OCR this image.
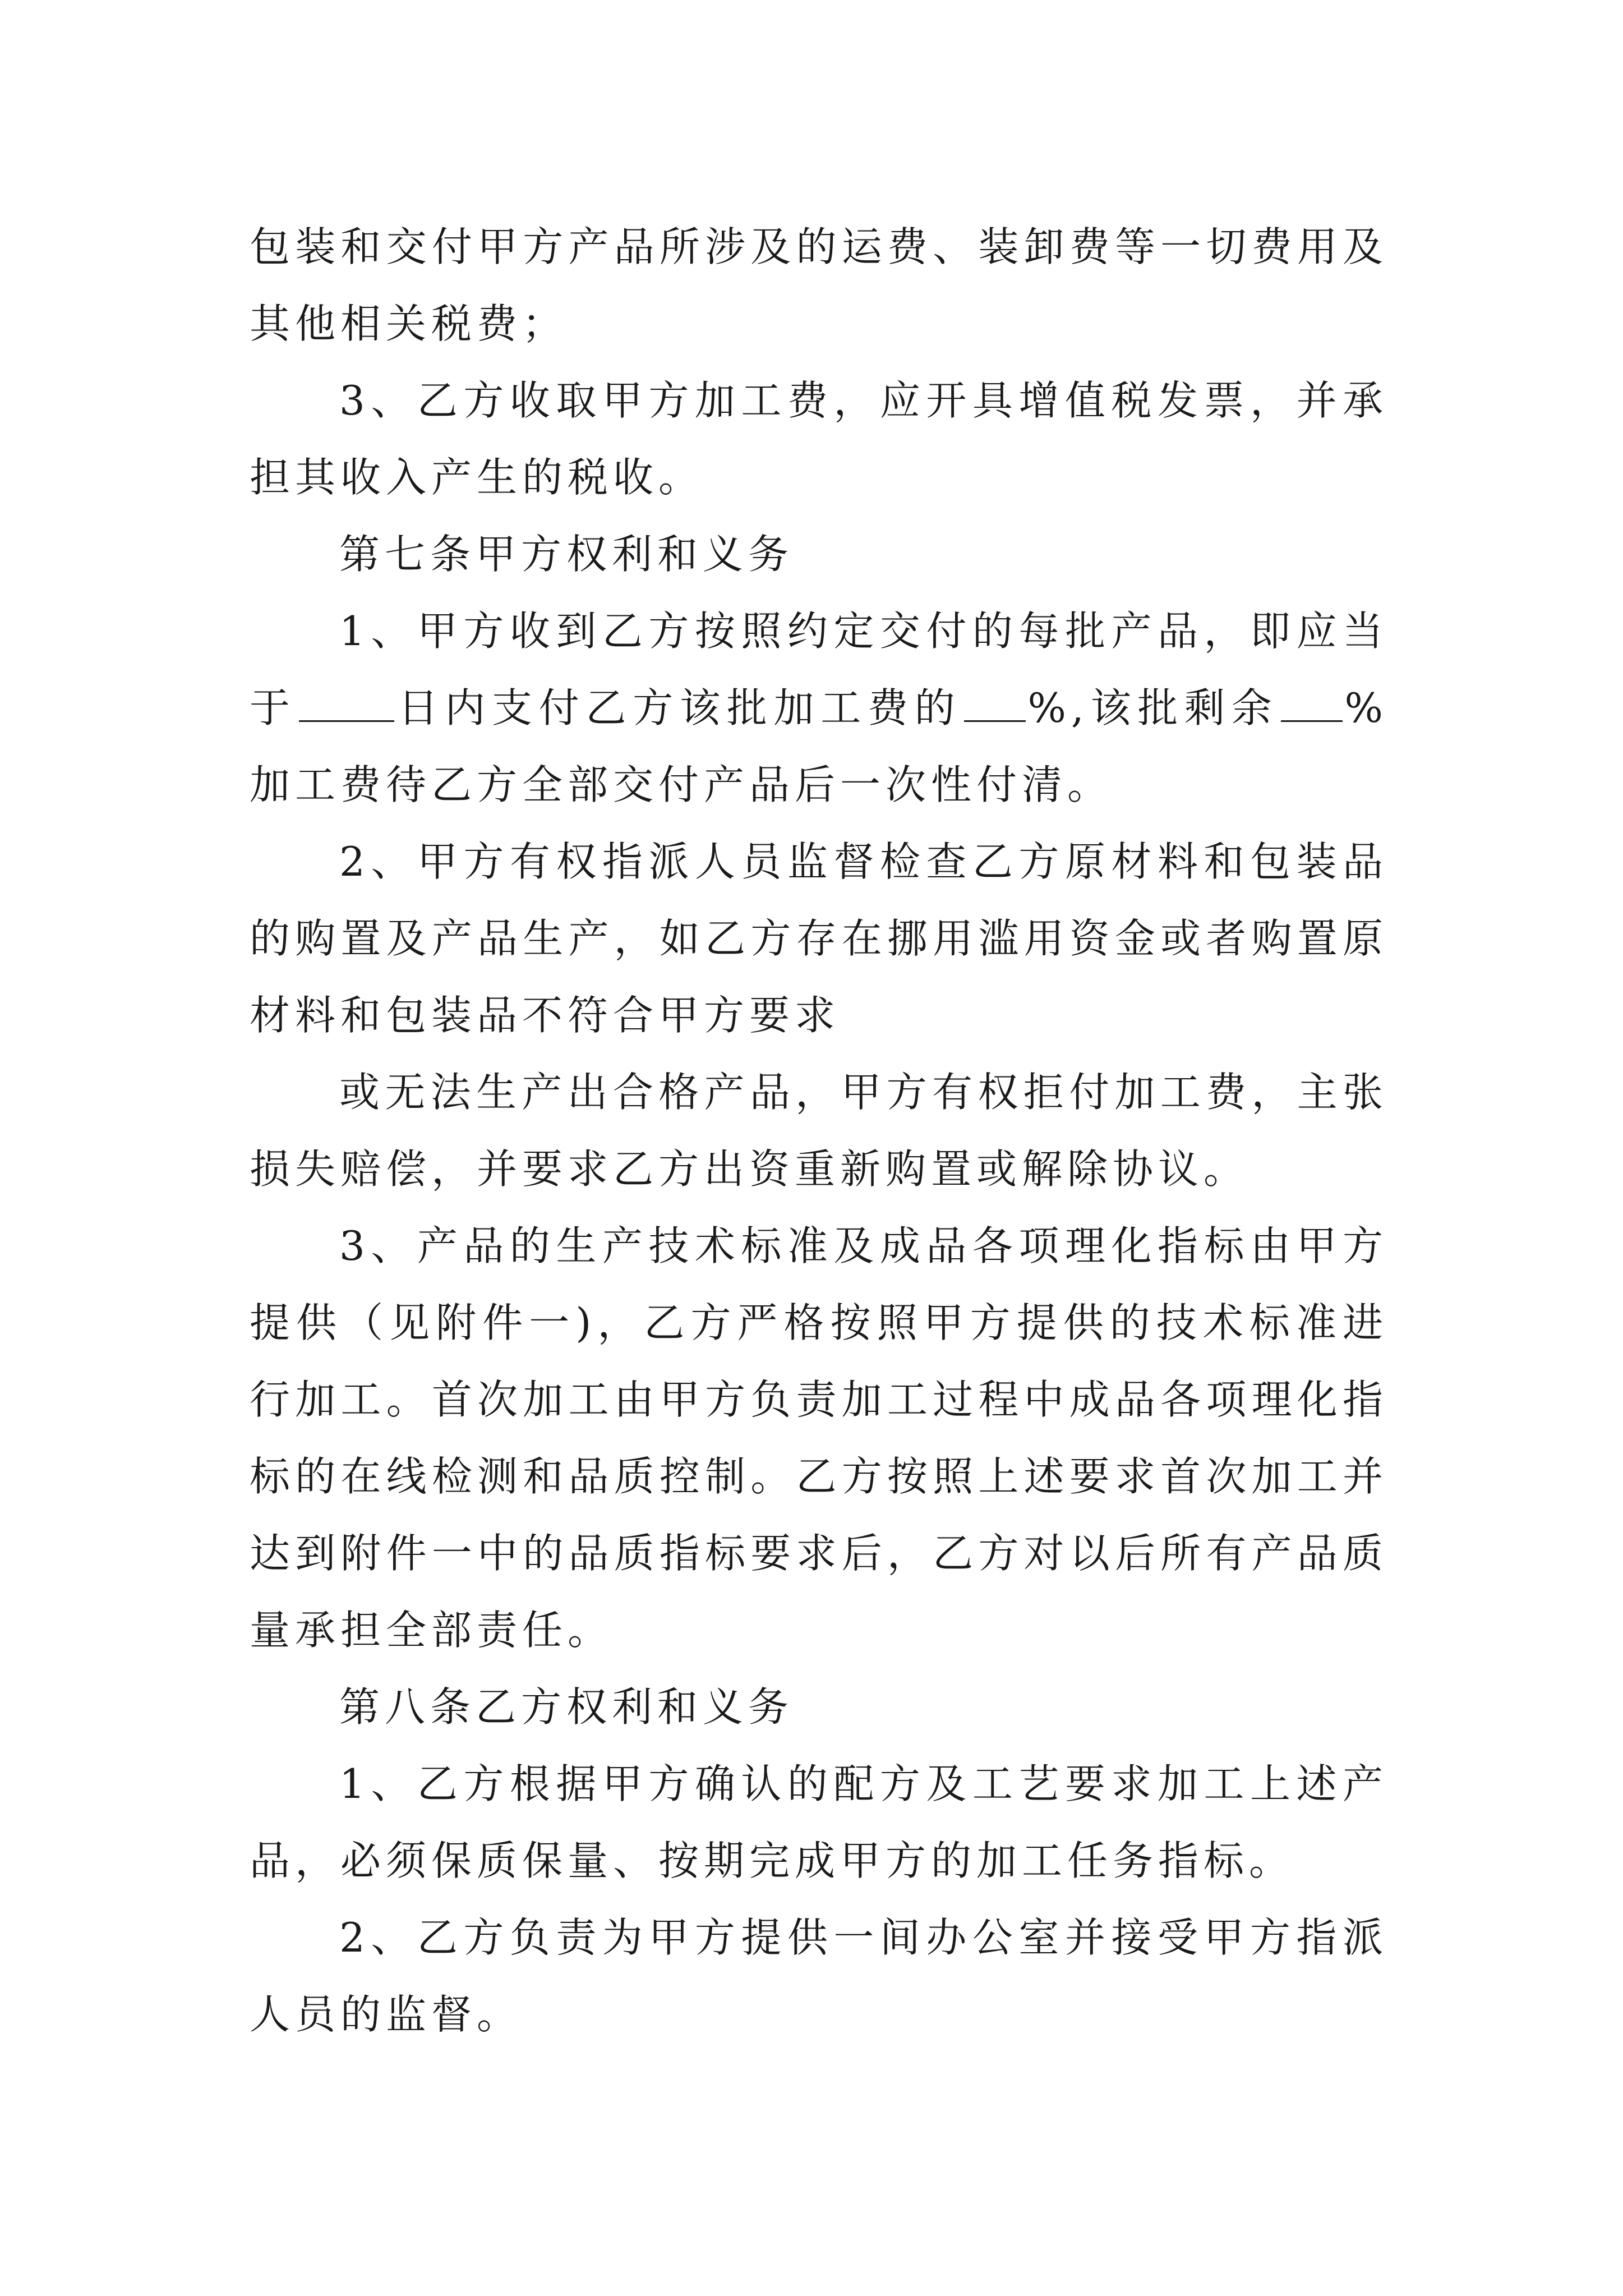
包装和交付甲方产品所涉及的运费、装卸费等一切费用及其他相关税费；

3、乙方收取甲方加工费，应开具增值税发票，并承担其收入产生的税收。

第七条甲方权利和义务

1、甲方收到乙方按照约定交付的每批产品，即应当于 日内支付乙方该批加工费的 %,该批剩余 %加工费待乙方全部交付产品后一次性付清。

2、甲方有权指派人员监督检查乙方原材料和包装品的购置及产品生产，如乙方存在挪用滥用资金或者购置原材料和包装品不符合甲方要求

或无法生产出合格产品，甲方有权拒付加工费，主张损失赔偿，并要求乙方出资重新购置或解除协议。

3、产品的生产技术标准及成品各项理化指标由甲方提供（见附件一)，乙方严格按照甲方提供的技术标准进行加工。首次加工由甲方负责加工过程中成品各项理化指标的在线检测和品质控制。乙方按照上述要求首次加工并达到附件一中的品质指标要求后，乙方对以后所有产品质量承担全部责任。

第八条乙方权利和义务

1、乙方根据甲方确认的配方及工艺要求加工上述产品，必须保质保量、按期完成甲方的加工任务指标。

2、乙方负责为甲方提供一间办公室并接受甲方指派人员的监督。
